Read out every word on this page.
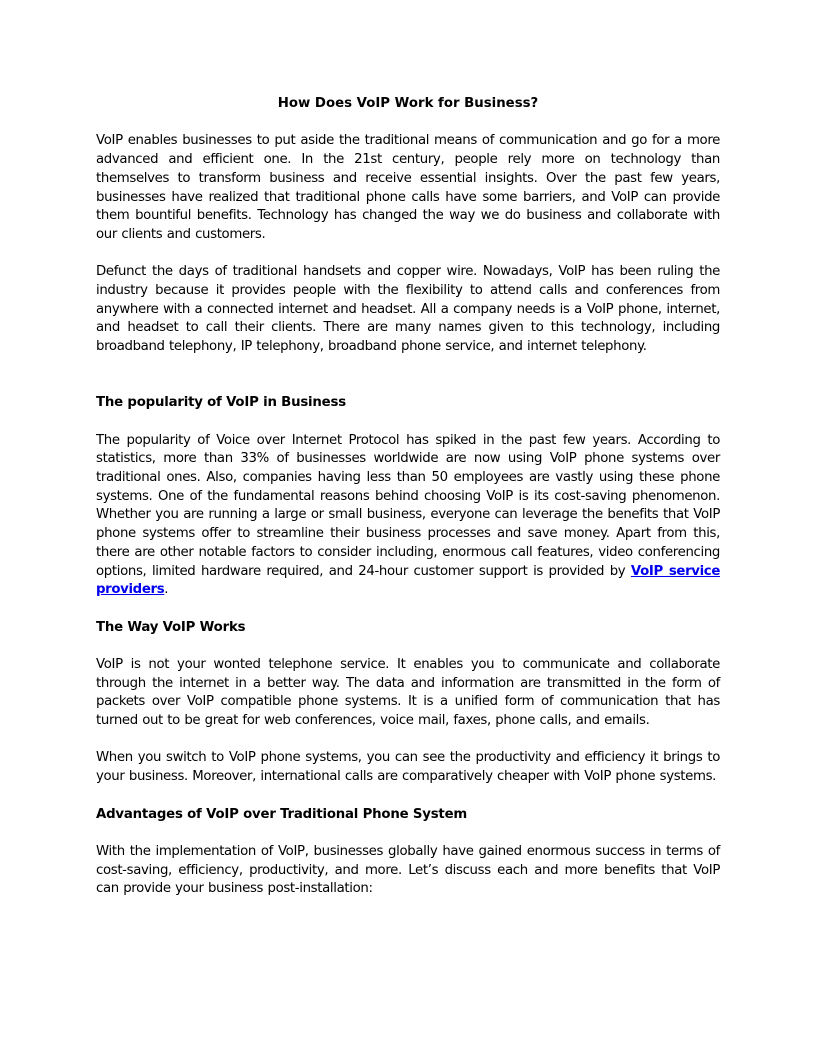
How Does VoIP Work for Business?

VoIP enables businesses to put aside the traditional means of communication and go for a more advanced and efficient one. In the 21st century, people rely more on technology than themselves to transform business and receive essential insights. Over the past few years, businesses have realized that traditional phone calls have some barriers, and VoIP can provide them bountiful benefits. Technology has changed the way we do business and collaborate with our clients and customers.

Defunct the days of traditional handsets and copper wire. Nowadays, VoIP has been ruling the industry because it provides people with the flexibility to attend calls and conferences from anywhere with a connected internet and headset. All a company needs is a VoIP phone, internet, and headset to call their clients. There are many names given to this technology, including broadband telephony, IP telephony, broadband phone service, and internet telephony.

The popularity of VoIP in Business

The popularity of Voice over Internet Protocol has spiked in the past few years. According to statistics, more than 33% of businesses worldwide are now using VoIP phone systems over traditional ones. Also, companies having less than 50 employees are vastly using these phone systems. One of the fundamental reasons behind choosing VoIP is its cost-saving phenomenon. Whether you are running a large or small business, everyone can leverage the benefits that VoIP phone systems offer to streamline their business processes and save money. Apart from this, there are other notable factors to consider including, enormous call features, video conferencing options, limited hardware required, and 24-hour customer support is provided by VoIP service providers.

The Way VoIP Works

VoIP is not your wonted telephone service. It enables you to communicate and collaborate through the internet in a better way. The data and information are transmitted in the form of packets over VoIP compatible phone systems. It is a unified form of communication that has turned out to be great for web conferences, voice mail, faxes, phone calls, and emails.

When you switch to VoIP phone systems, you can see the productivity and efficiency it brings to your business. Moreover, international calls are comparatively cheaper with VoIP phone systems.

Advantages of VoIP over Traditional Phone System

With the implementation of VoIP, businesses globally have gained enormous success in terms of cost-saving, efficiency, productivity, and more. Let’s discuss each and more benefits that VoIP can provide your business post-installation:
